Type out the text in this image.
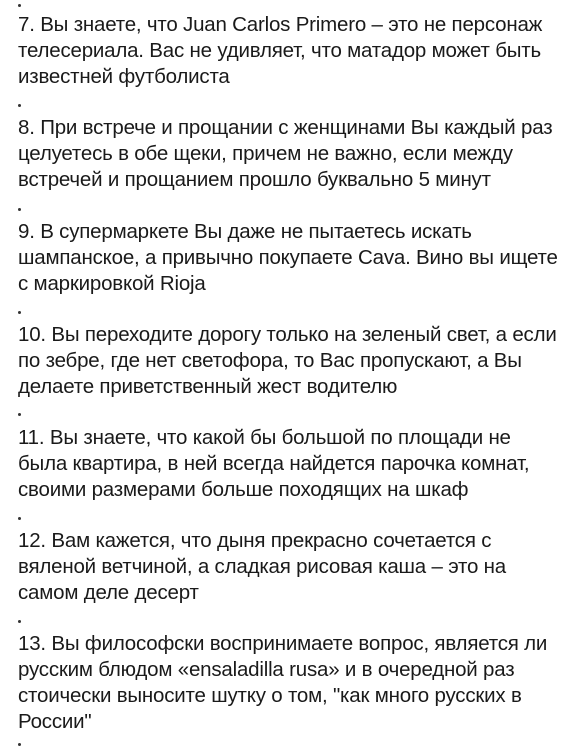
7. Вы знаете, что Juan Carlos Primero – это не персонаж
телесериала. Вас не удивляет, что матадор может быть
известней футболиста
8. При встрече и прощании с женщинами Вы каждый раз
целуетесь в обе щеки, причем не важно, если между
встречей и прощанием прошло буквально 5 минут
9. В супермаркете Вы даже не пытаетесь искать
шампанское, а привычно покупаете Cava. Вино вы ищете
с маркировкой Rioja
10. Вы переходите дорогу только на зеленый свет, а если
по зебре, где нет светофора, то Вас пропускают, а Вы
делаете приветственный жест водителю
11. Вы знаете, что какой бы большой по площади не
была квартира, в ней всегда найдется парочка комнат,
своими размерами больше походящих на шкаф
12. Вам кажется, что дыня прекрасно сочетается с
вяленой ветчиной, а сладкая рисовая каша – это на
самом деле десерт
13. Вы философски воспринимаете вопрос, является ли
русским блюдом «ensaladilla rusa» и в очередной раз
стоически выносите шутку о том, "как много русских в
России"
